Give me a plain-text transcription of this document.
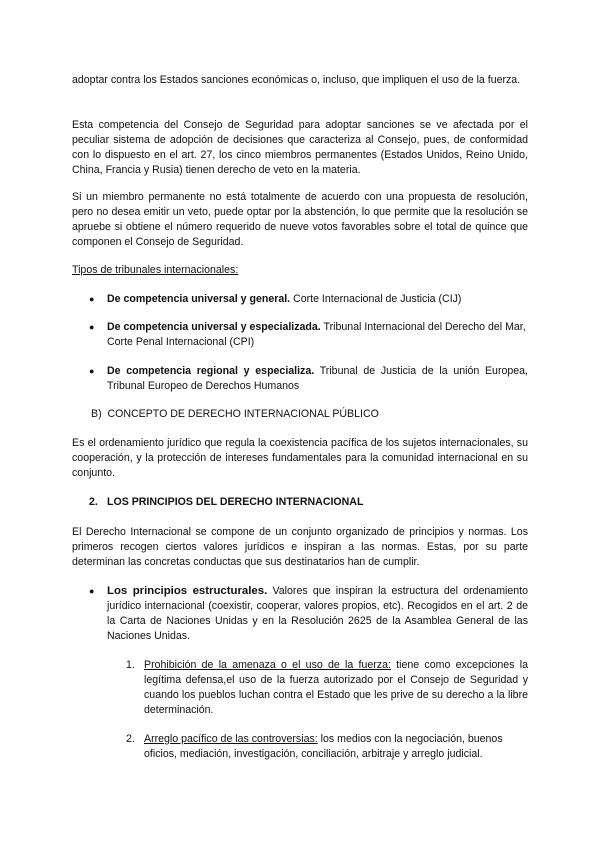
adoptar contra los Estados sanciones económicas o, incluso, que impliquen el uso de la fuerza.

Esta competencia del Consejo de Seguridad para adoptar sanciones se ve afectada por el peculiar sistema de adopción de decisiones que caracteriza al Consejo, pues, de conformidad con lo dispuesto en el art. 27, los cinco miembros permanentes (Estados Unidos, Reino Unido, China, Francia y Rusia) tienen derecho de veto en la materia.

Si un miembro permanente no está totalmente de acuerdo con una propuesta de resolución, pero no desea emitir un veto, puede optar por la abstención, lo que permite que la resolución se apruebe si obtiene el número requerido de nueve votos favorables sobre el total de quince que componen el Consejo de Seguridad.

Tipos de tribunales internacionales:

● De competencia universal y general. Corte Internacional de Justicia (CIJ)

● De competencia universal y especializada. Tribunal Internacional del Derecho del Mar, Corte Penal Internacional (CPI)

● De competencia regional y especializa. Tribunal de Justicia de la unión Europea, Tribunal Europeo de Derechos Humanos

B)  CONCEPTO DE DERECHO INTERNACIONAL PÚBLICO

Es el ordenamiento jurídico que regula la coexistencia pacífica de los sujetos internacionales, su cooperación, y la protección de intereses fundamentales para la comunidad internacional en su conjunto.

2. LOS PRINCIPIOS DEL DERECHO INTERNACIONAL

El Derecho Internacional se compone de un conjunto organizado de principios y normas. Los primeros recogen ciertos valores jurídicos e inspiran a las normas. Estas, por su parte determinan las concretas conductas que sus destinatarios han de cumplir.

● Los principios estructurales. Valores que inspiran la estructura del ordenamiento jurídico internacional (coexistir, cooperar, valores propios, etc). Recogidos en el art. 2 de la Carta de Naciones Unidas y en la Resolución 2625 de la Asamblea General de las Naciones Unidas.

1. Prohibición de la amenaza o el uso de la fuerza: tiene como excepciones la legítima defensa,el uso de la fuerza autorizado por el Consejo de Seguridad y cuando los pueblos luchan contra el Estado que les prive de su derecho a la libre determinación.

2. Arreglo pacífico de las controversias: los medios con la negociación, buenos oficios, mediación, investigación, conciliación, arbitraje y arreglo judicial.
